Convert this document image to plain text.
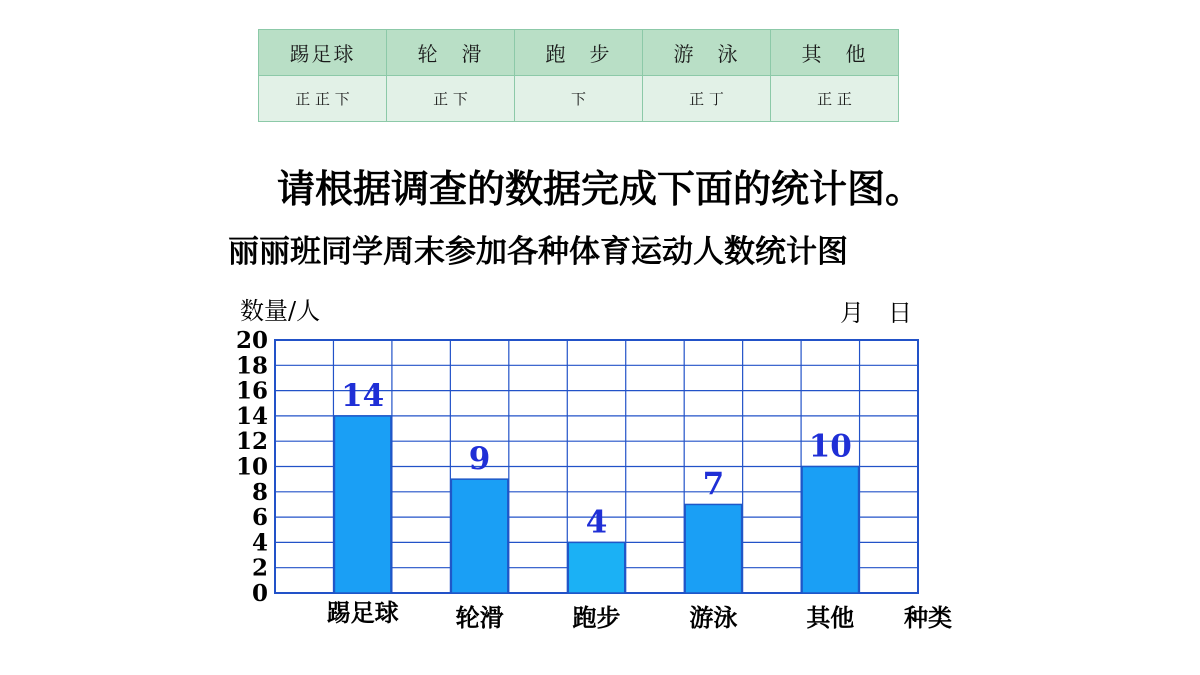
踢足球	轮　滑	跑　步	游　泳	其　他
正 正 下	正 下	下	正 丁	正 正
请根据调查的数据完成下面的统计图。
丽丽班同学周末参加各种体育运动人数统计图
数量/人	月　日
0
2
4
6
8
10
12
14
16
18
20
14
踢足球
9
轮滑
4
跑步
7
游泳
10
其他 种类
